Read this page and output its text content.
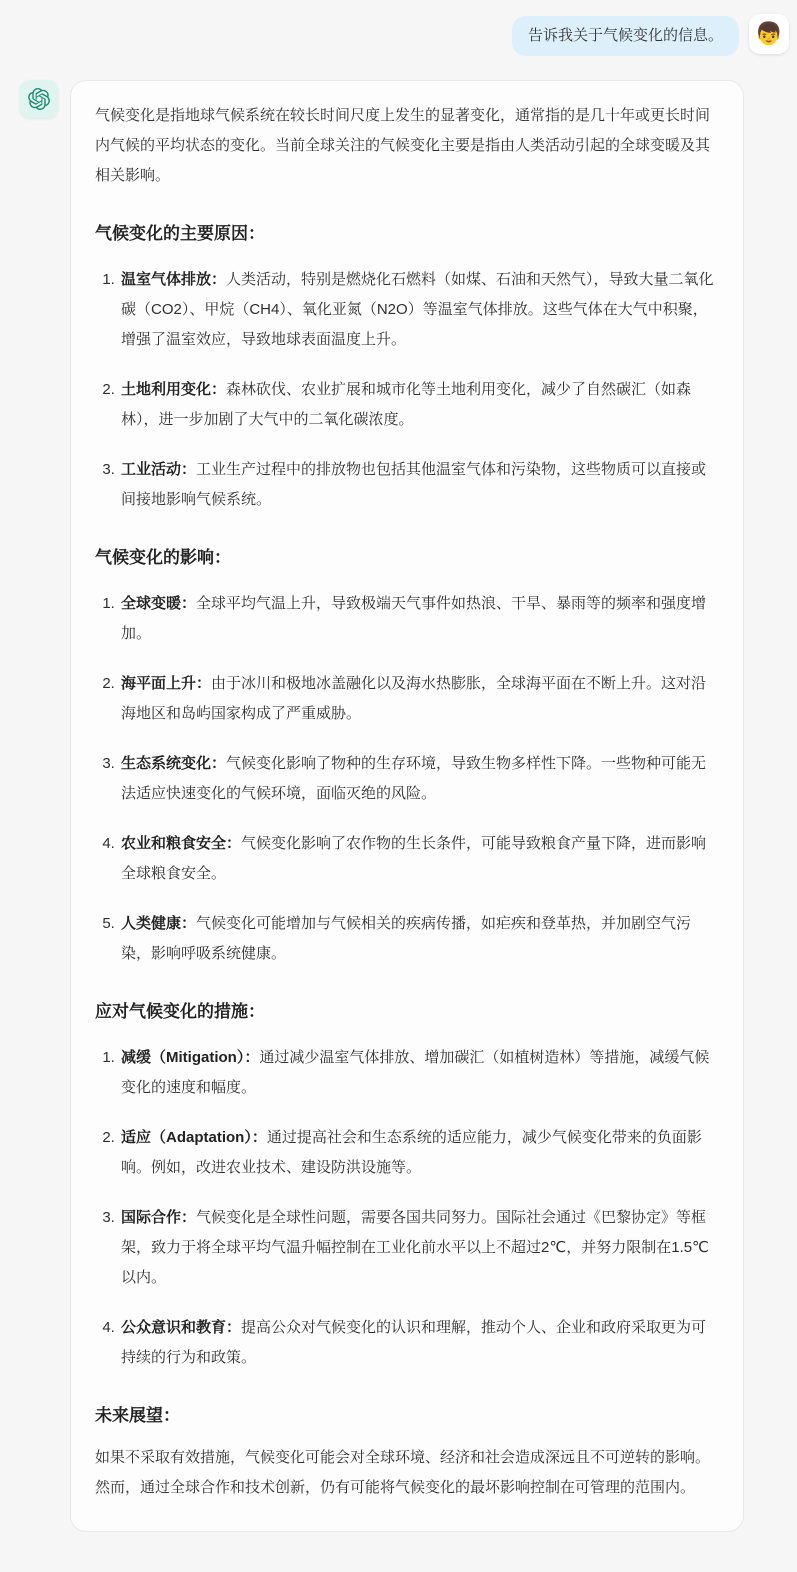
告诉我关于气候变化的信息。	👦

气候变化是指地球气候系统在较长时间尺度上发生的显著变化，通常指的是几十年或更长时间内气候的平均状态的变化。当前全球关注的气候变化主要是指由人类活动引起的全球变暖及其相关影响。

气候变化的主要原因：
1. 温室气体排放：人类活动，特别是燃烧化石燃料（如煤、石油和天然气），导致大量二氧化碳（CO2）、甲烷（CH4）、氧化亚氮（N2O）等温室气体排放。这些气体在大气中积聚，增强了温室效应，导致地球表面温度上升。
2. 土地利用变化：森林砍伐、农业扩展和城市化等土地利用变化，减少了自然碳汇（如森林），进一步加剧了大气中的二氧化碳浓度。
3. 工业活动：工业生产过程中的排放物也包括其他温室气体和污染物，这些物质可以直接或间接地影响气候系统。
气候变化的影响：
1. 全球变暖：全球平均气温上升，导致极端天气事件如热浪、干旱、暴雨等的频率和强度增加。
2. 海平面上升：由于冰川和极地冰盖融化以及海水热膨胀，全球海平面在不断上升。这对沿海地区和岛屿国家构成了严重威胁。
3. 生态系统变化：气候变化影响了物种的生存环境，导致生物多样性下降。一些物种可能无法适应快速变化的气候环境，面临灭绝的风险。
4. 农业和粮食安全：气候变化影响了农作物的生长条件，可能导致粮食产量下降，进而影响全球粮食安全。
5. 人类健康：气候变化可能增加与气候相关的疾病传播，如疟疾和登革热，并加剧空气污染，影响呼吸系统健康。
应对气候变化的措施：
1. 减缓（Mitigation）：通过减少温室气体排放、增加碳汇（如植树造林）等措施，减缓气候变化的速度和幅度。
2. 适应（Adaptation）：通过提高社会和生态系统的适应能力，减少气候变化带来的负面影响。例如，改进农业技术、建设防洪设施等。
3. 国际合作：气候变化是全球性问题，需要各国共同努力。国际社会通过《巴黎协定》等框架，致力于将全球平均气温升幅控制在工业化前水平以上不超过2℃，并努力限制在1.5℃以内。
4. 公众意识和教育：提高公众对气候变化的认识和理解，推动个人、企业和政府采取更为可持续的行为和政策。
未来展望：

如果不采取有效措施，气候变化可能会对全球环境、经济和社会造成深远且不可逆转的影响。然而，通过全球合作和技术创新，仍有可能将气候变化的最坏影响控制在可管理的范围内。
